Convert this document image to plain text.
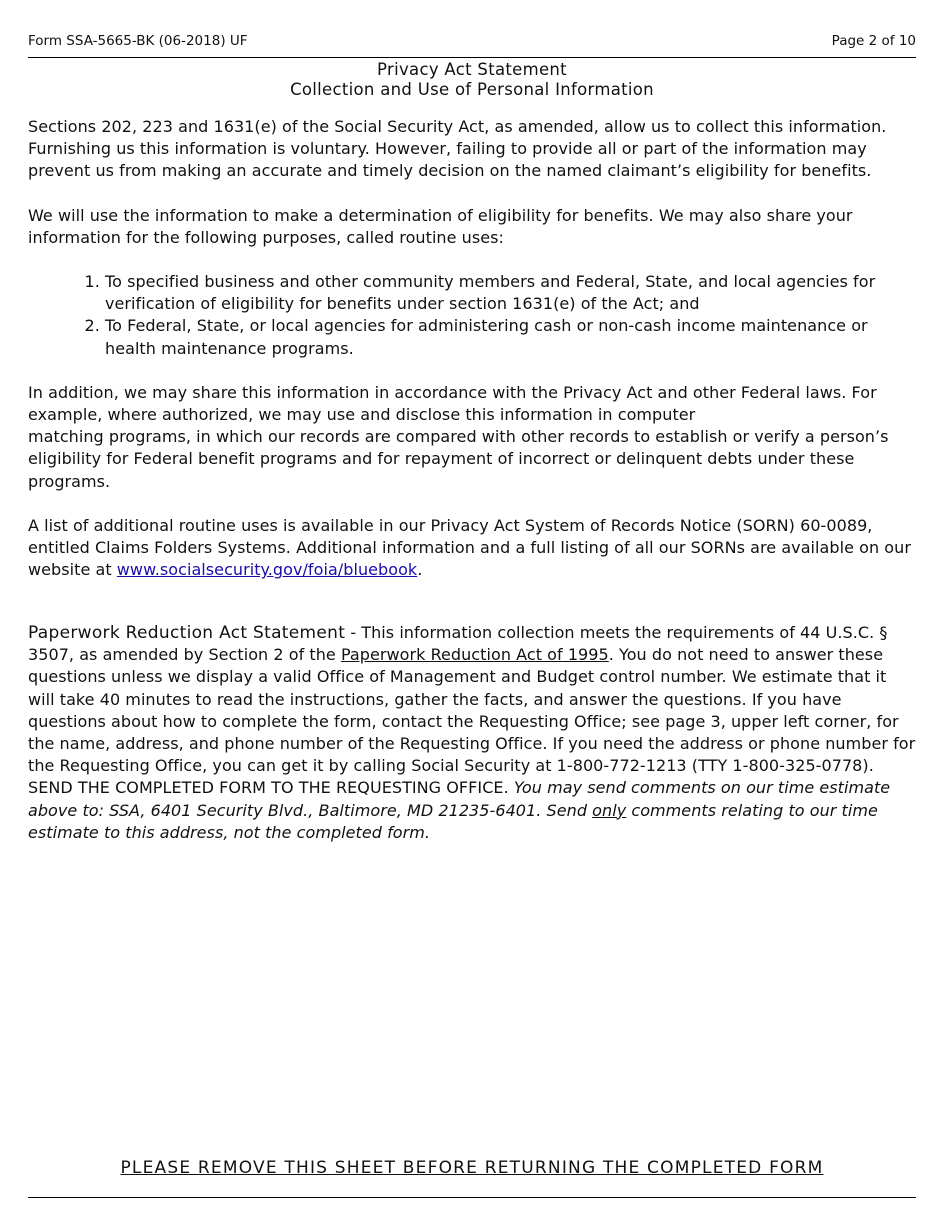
Form SSA-5665-BK (06-2018) UF	Page 2 of 10
Privacy Act Statement
Collection and Use of Personal Information

Sections 202, 223 and 1631(e) of the Social Security Act, as amended, allow us to collect this information. Furnishing us this information is voluntary. However, failing to provide all or part of the information may prevent us from making an accurate and timely decision on the named claimant’s eligibility for benefits.

We will use the information to make a determination of eligibility for benefits. We may also share your information for the following purposes, called routine uses:

1. To specified business and other community members and Federal, State, and local agencies for verification of eligibility for benefits under section 1631(e) of the Act; and
2. To Federal, State, or local agencies for administering cash or non-cash income maintenance or health maintenance programs.

In addition, we may share this information in accordance with the Privacy Act and other Federal laws. For example, where authorized, we may use and disclose this information in computer

matching programs, in which our records are compared with other records to establish or verify a person’s eligibility for Federal benefit programs and for repayment of incorrect or delinquent debts under these programs.

A list of additional routine uses is available in our Privacy Act System of Records Notice (SORN) 60-0089, entitled Claims Folders Systems. Additional information and a full listing of all our SORNs are available on our website at www.socialsecurity.gov/foia/bluebook.

Paperwork Reduction Act Statement - This information collection meets the requirements of 44 U.S.C. § 3507, as amended by Section 2 of the Paperwork Reduction Act of 1995. You do not need to answer these questions unless we display a valid Office of Management and Budget control number. We estimate that it will take 40 minutes to read the instructions, gather the facts, and answer the questions. If you have questions about how to complete the form, contact the Requesting Office; see page 3, upper left corner, for the name, address, and phone number of the Requesting Office. If you need the address or phone number for the Requesting Office, you can get it by calling Social Security at 1-800-772-1213 (TTY 1-800-325-0778). SEND THE COMPLETED FORM TO THE REQUESTING OFFICE. You may send comments on our time estimate above to: SSA, 6401 Security Blvd., Baltimore, MD 21235-6401. Send only comments relating to our time estimate to this address, not the completed form.

PLEASE REMOVE THIS SHEET BEFORE RETURNING THE COMPLETED FORM
